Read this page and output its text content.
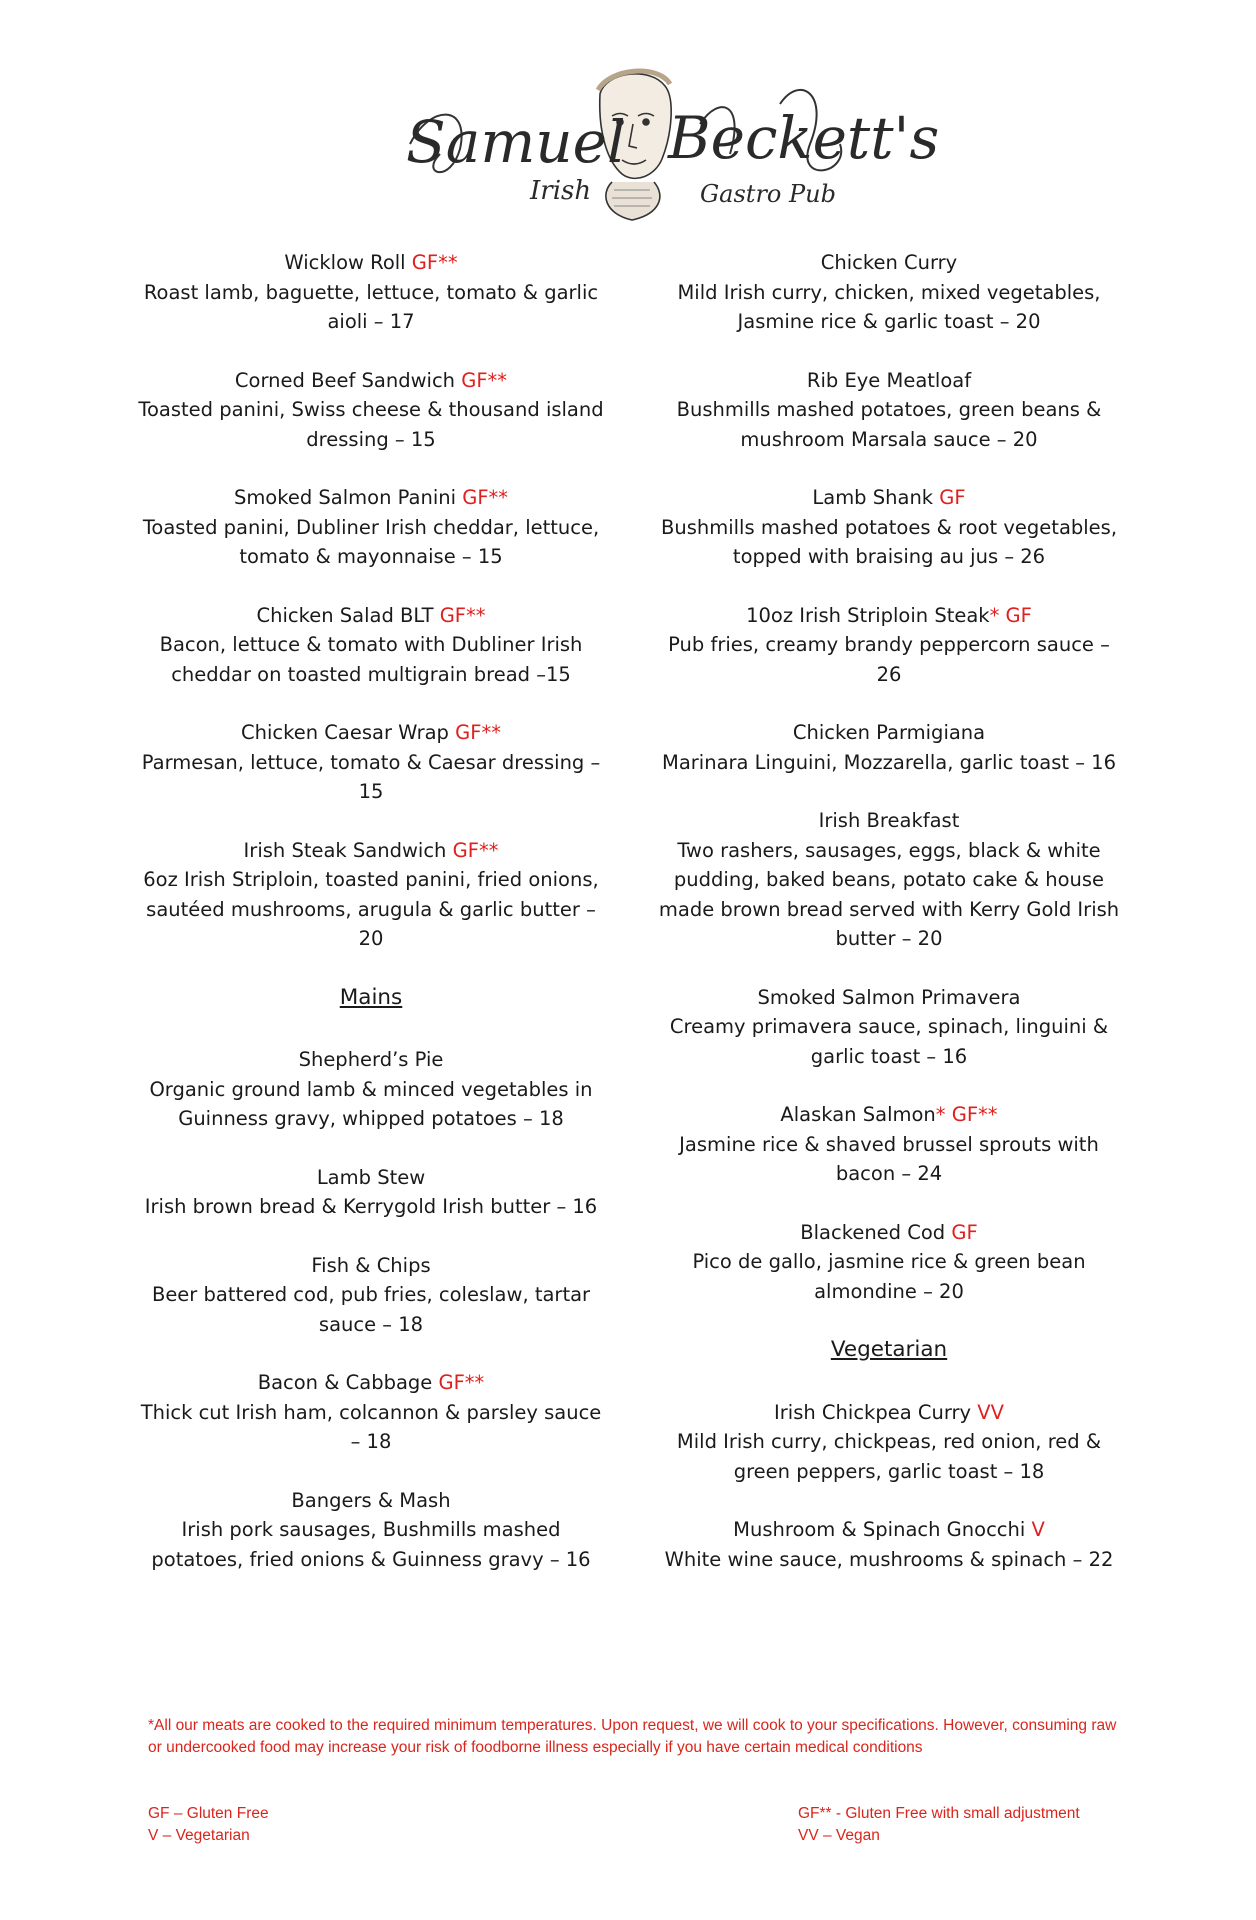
Samuel Beckett's
Irish	Gastro Pub
Wicklow Roll GF**
Roast lamb, baguette, lettuce, tomato & garlic aioli – 17
Corned Beef Sandwich GF**
Toasted panini, Swiss cheese & thousand island dressing – 15
Smoked Salmon Panini GF**
Toasted panini, Dubliner Irish cheddar, lettuce, tomato & mayonnaise – 15
Chicken Salad BLT GF**
Bacon, lettuce & tomato with Dubliner Irish cheddar on toasted multigrain bread –15
Chicken Caesar Wrap GF**
Parmesan, lettuce, tomato & Caesar dressing – 15
Irish Steak Sandwich GF**
6oz Irish Striploin, toasted panini, fried onions, sautéed mushrooms, arugula & garlic butter – 20
Mains
Shepherd’s Pie
Organic ground lamb & minced vegetables in Guinness gravy, whipped potatoes – 18
Lamb Stew
Irish brown bread & Kerrygold Irish butter – 16
Fish & Chips
Beer battered cod, pub fries, coleslaw, tartar sauce – 18
Bacon & Cabbage GF**
Thick cut Irish ham, colcannon & parsley sauce – 18
Bangers & Mash
Irish pork sausages, Bushmills mashed potatoes, fried onions & Guinness gravy – 16
Chicken Curry
Mild Irish curry, chicken, mixed vegetables, Jasmine rice & garlic toast – 20
Rib Eye Meatloaf
Bushmills mashed potatoes, green beans & mushroom Marsala sauce – 20
Lamb Shank GF
Bushmills mashed potatoes & root vegetables, topped with braising au jus – 26
10oz Irish Striploin Steak* GF
Pub fries, creamy brandy peppercorn sauce – 26
Chicken Parmigiana
Marinara Linguini, Mozzarella, garlic toast – 16
Irish Breakfast
Two rashers, sausages, eggs, black & white pudding, baked beans, potato cake & house made brown bread served with Kerry Gold Irish butter – 20
Smoked Salmon Primavera
Creamy primavera sauce, spinach, linguini & garlic toast – 16
Alaskan Salmon* GF**
Jasmine rice & shaved brussel sprouts with bacon – 24
Blackened Cod GF
Pico de gallo, jasmine rice & green bean almondine – 20
Vegetarian
Irish Chickpea Curry VV
Mild Irish curry, chickpeas, red onion, red & green peppers, garlic toast – 18
Mushroom & Spinach Gnocchi V
White wine sauce, mushrooms & spinach – 22
*All our meats are cooked to the required minimum temperatures. Upon request, we will cook to your specifications. However, consuming raw or undercooked food may increase your risk of foodborne illness especially if you have certain medical conditions
GF – Gluten Free
V – Vegetarian
GF** - Gluten Free with small adjustment
VV – Vegan
